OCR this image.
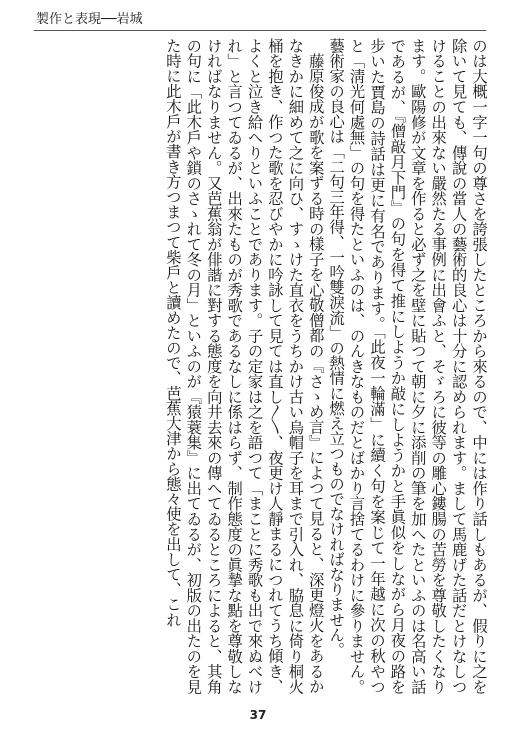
製作と表現──岩城

のは大概一字一句の尊さを誇張したところから來るので、中には作り話しもあるが、假りに之を除いて見ても、傳說の當人の藝術的良心は十分に認められます。まして馬鹿げた話だとけなしつけることの出來ない嚴然たる事例に出會ふと、そゞろに彼等の雕心鏤腸の苦勞を尊敬したくなります。歐陽修が文章を作ると必ず之を壁に貼つて朝に夕に添削の筆を加へたといふのは名高い話であるが、『僧敲月下門』の句を得て推にしようか敲にしようかと手眞似をしながら月夜の路を步いた賈島の詩話は更に有名であります。「此夜一輪滿」に續く句を案じて一年越に次の秋やつと「淸光何處無」の句を得たといふのは、のんきなものだとばかり言捨てるわけに參りません。藝術家の良心は「二句三年得、一吟雙淚流」の熱情に燃え立つものでなければなりません。

藤原俊成が歌を案ずる時の樣子を心敬僧都の『さゝめ言』によつて見ると、深更燈火をあるかなきかに細めて之に向ひ、すゝけた直衣をうちかけ古い烏帽子を耳まで引入れ、脇息に倚り桐火桶を抱き、作つた歌を忍びやかに吟詠して見ては直し〳〵、夜更け人靜まるにつれてうち傾き、よくと泣き給へりといふことであります。子の定家は之を語つて「まことに秀歌も出で來ぬべけれ」と言つてゐるが、出來たものが秀歌であるなしに係はらず、制作態度の眞摯な點を尊敬しなければなりません。又芭蕉翁が俳諧に對する態度を向井去來の傳へてゐるところによると、其角の句に「此木戶や鎖のさゝれて冬の月」といふのが『猿蓑集』に出てゐるが、初版の出たのを見た時に此木戶が書き方つまつて柴戶と讀めたので、芭蕉大津から態々使を出して、これ

37
